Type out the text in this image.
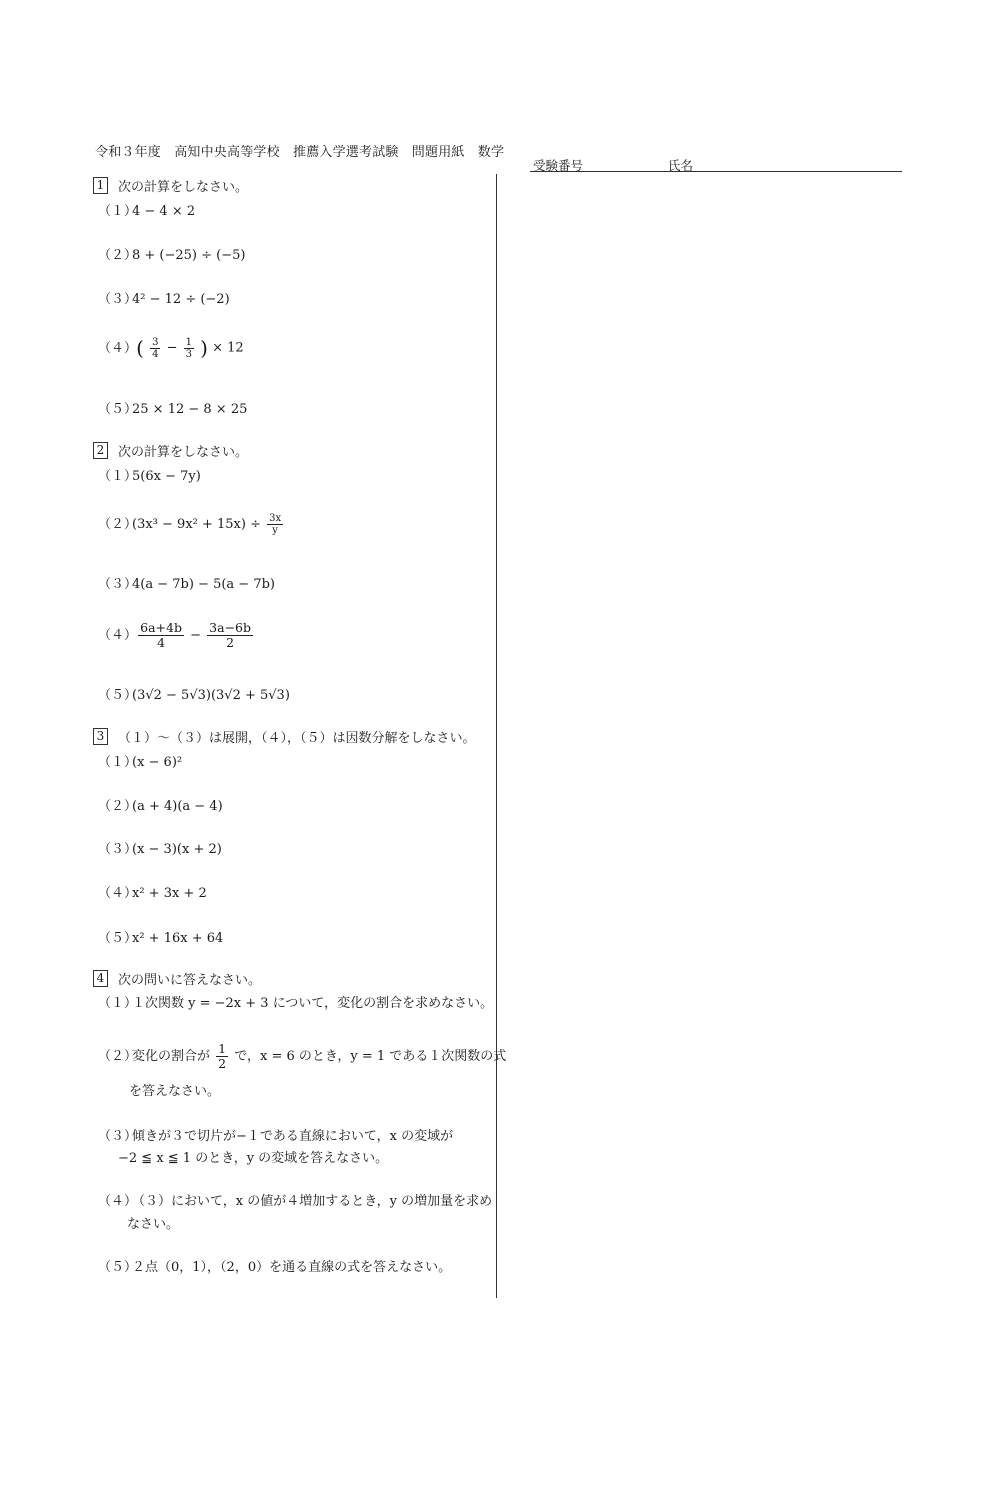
令和３年度　高知中央高等学校　推薦入学選考試験　問題用紙　数学
受験番号	氏名
1 次の計算をしなさい。
（１）4 − 4 × 2
（２）8 + (−25) ÷ (−5)
（３）4² − 12 ÷ (−2)
（４） ( $\frac{3}{4} - \frac{1}{3}$ ) × 12
（５）25 × 12 − 8 × 25
2 次の計算をしなさい。
（１）5(6x − 7y)
$(2)(3x^3 - 9x^2 + 15x) \div \frac{3x}{y}$
（３）4(a − 7b) − 5(a − 7b)
$(4) \frac{6a+4b}{4} - \frac{3a-6b}{2}$
（５）(3√2 − 5√3)(3√2 + 5√3)
3 （１）〜（３）は展開，（４），（５）は因数分解をしなさい。
（１）(x − 6)²
（２）(a + 4)(a − 4)
（３）(x − 3)(x + 2)
（４）x² + 3x + 2
（５）x² + 16x + 64
4 次の問いに答えなさい。
（１）１次関数 y = −2x + 3 について，変化の割合を求めなさい。
（２）変化の割合が $\frac{1}{2}$ で，x = 6 のとき，y = 1 である１次関数の式
を答えなさい。
（３）傾きが３で切片が−１である直線において，x の変域が
−2 ≦ x ≦ 1 のとき，y の変域を答えなさい。
（４）（３）において，x の値が４増加するとき，y の増加量を求め
なさい。
（５）２点（0，1），（2，0）を通る直線の式を答えなさい。
